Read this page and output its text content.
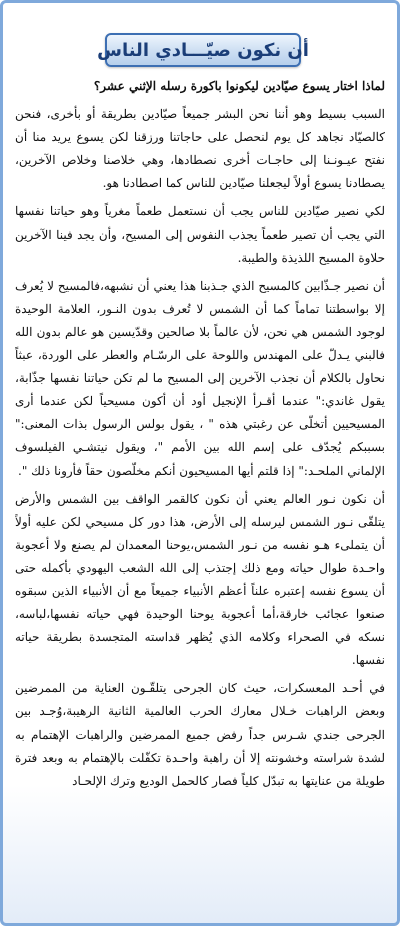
أن نكون صيّـــادي الناس

لماذا اختار يسوع صيّادين ليكونوا باكورة رسله الإثني عشر؟

السبب بسيط وهو أننا نحن البشر جميعاً صيّادين بطريقة أو بأخرى، فنحن كالصيّاد نجاهد كل يوم لنحصل على حاجاتنا ورزقنا لكن يسوع يريد منا أن نفتح عيـونـنا إلى حاجـات أخرى نصطادها، وهي خلاصنا وخلاص الآخرين، يصطادنا يسوع أولاً ليجعلنا صيّادين للناس كما اصطادنا هو.

لكي نصير صيّادين للناس يجب أن نستعمل طعماً مغرياً وهو حياتنا نفسها التي يجب أن تصير طعماً يجذب النفوس إلى المسيح، وأن يجد فينا الآخرين حلاوة المسيح اللذيذة والطيبة.

أن نصير جـذّابين كالمسيح الذي جـذبنا هذا يعني أن نشبهه،فالمسيح لا يُعرف إلا بواسطتنا تماماً كما أن الشمس لا تُعرف بدون النـور، العلامة الوحيدة لوجود الشمس هي نحن، لأن عالماً بلا صالحين وقدّيسين هو عالم بدون الله فالبني يـدلّ على المهندس واللوحة على الرسّـام والعطر على الوردة، عبثاً نحاول بالكلام أن نجذب الآخرين إلى المسيح ما لم تكن حياتنا نفسها جذّابة، يقول غاندي:" عندما أقـرأ الإنجيل أود أن أكون مسيحياً لكن عندما أرى المسيحيين أتخلّى عن رغبتي هذه " ، يقول بولس الرسول بذات المعنى:" بسببكم يُجدّف على إسم الله بين الأمم "، ويقول نيتشـي الفيلسوف الإلماني الملحـد:" إذا قلتم أيها المسيحيون أنكم مخلّصون حقاً فأرونا ذلك ".

أن نكون نـور العالم يعني أن نكون كالقمر الواقف بين الشمس والأرض يتلقّى نـور الشمس ليرسله إلى الأرض، هذا دور كل مسيحي لكن عليه أولاً أن يتملىء هـو نفسه من نـور الشمس،يوحنا المعمدان لم يصنع ولا أعجوبة واحـدة طوال حياته ومع ذلك إجتذب إلى الله الشعب اليهودي بأكمله حتى أن يسوع نفسه إعتبره علناً أعظم الأنبياء جميعاً مع أن الأنبياء الذين سبقوه صنعوا عجائب خارقة،أما أعجوبة يوحنا الوحيدة فهي حياته نفسها،لباسه، نسكه في الصحراء وكلامه الذي يُظهر قداسته المتجسدة بطريقة حياته نفسها.

في أحـد المعسكرات، حيث كان الجرحى يتلقّـون العناية من الممرضين وبعض الراهبات خـلال معارك الحرب العالمية الثانية الرهيبة،وُجـد بين الجرحى جندي شـرس جداً رفض جميع الممرضين والراهبات الإهتمام به لشدة شراسته وخشونته إلا أن راهبة واحـدة تكفّلت بالإهتمام به وبعد فترة طويلة من عنايتها به تبدّل كلياً فصار كالحمل الوديع وترك الإلحـاد
